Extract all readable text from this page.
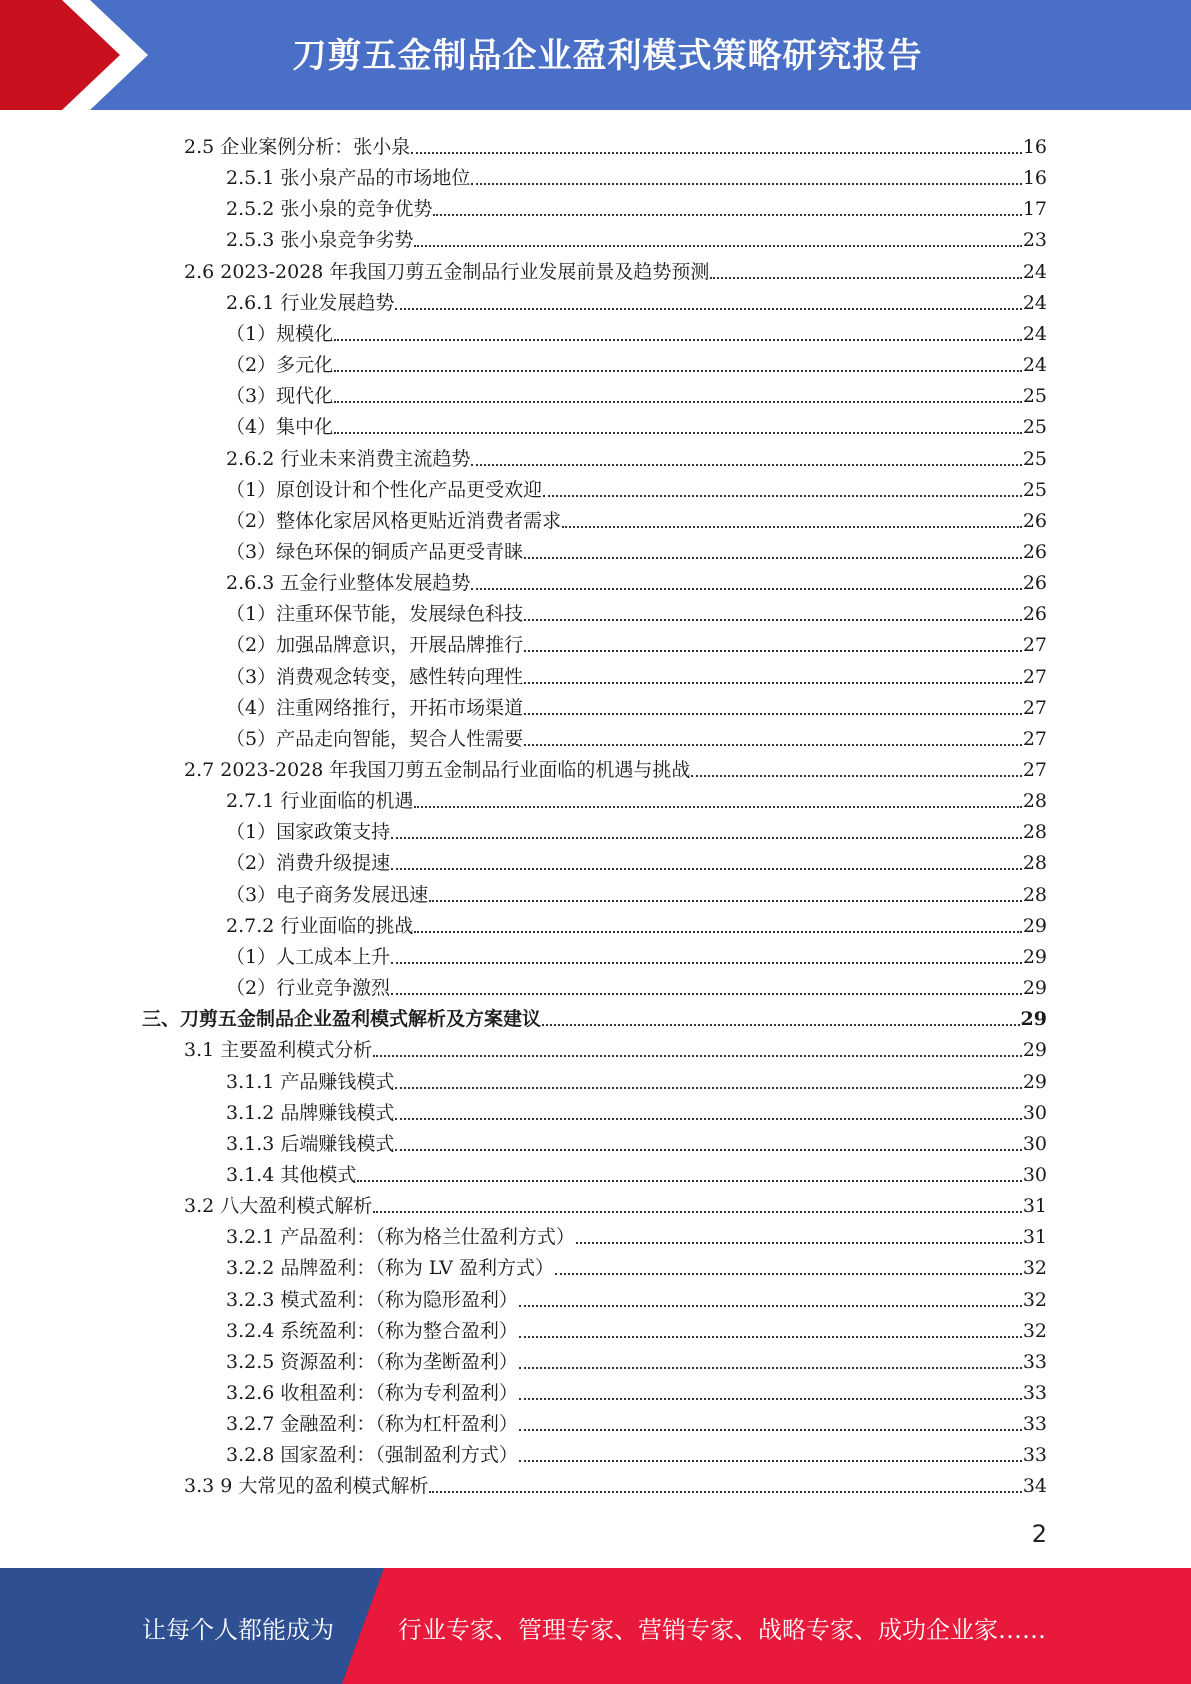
刀剪五金制品企业盈利模式策略研究报告
2.5 企业案例分析：张小泉	16
2.5.1 张小泉产品的市场地位	16
2.5.2 张小泉的竞争优势	17
2.5.3 张小泉竞争劣势	23
2.6 2023-2028 年我国刀剪五金制品行业发展前景及趋势预测	24
2.6.1 行业发展趋势	24
（1）规模化	24
（2）多元化	24
（3）现代化	25
（4）集中化	25
2.6.2 行业未来消费主流趋势	25
（1）原创设计和个性化产品更受欢迎	25
（2）整体化家居风格更贴近消费者需求	26
（3）绿色环保的铜质产品更受青睐	26
2.6.3 五金行业整体发展趋势	26
（1）注重环保节能，发展绿色科技	26
（2）加强品牌意识，开展品牌推行	27
（3）消费观念转变，感性转向理性	27
（4）注重网络推行，开拓市场渠道	27
（5）产品走向智能，契合人性需要	27
2.7 2023-2028 年我国刀剪五金制品行业面临的机遇与挑战	27
2.7.1 行业面临的机遇	28
（1）国家政策支持	28
（2）消费升级提速	28
（3）电子商务发展迅速	28
2.7.2 行业面临的挑战	29
（1）人工成本上升	29
（2）行业竞争激烈	29
三、刀剪五金制品企业盈利模式解析及方案建议	29
3.1 主要盈利模式分析	29
3.1.1 产品赚钱模式	29
3.1.2 品牌赚钱模式	30
3.1.3 后端赚钱模式	30
3.1.4 其他模式	30
3.2 八大盈利模式解析	31
3.2.1 产品盈利：（称为格兰仕盈利方式）	31
3.2.2 品牌盈利：（称为 LV 盈利方式）	32
3.2.3 模式盈利：（称为隐形盈利）	32
3.2.4 系统盈利：（称为整合盈利）	32
3.2.5 资源盈利：（称为垄断盈利）	33
3.2.6 收租盈利：（称为专利盈利）	33
3.2.7 金融盈利：（称为杠杆盈利）	33
3.2.8 国家盈利：（强制盈利方式）	33
3.3 9 大常见的盈利模式解析	34
2
让每个人都能成为	行业专家、管理专家、营销专家、战略专家、成功企业家……
